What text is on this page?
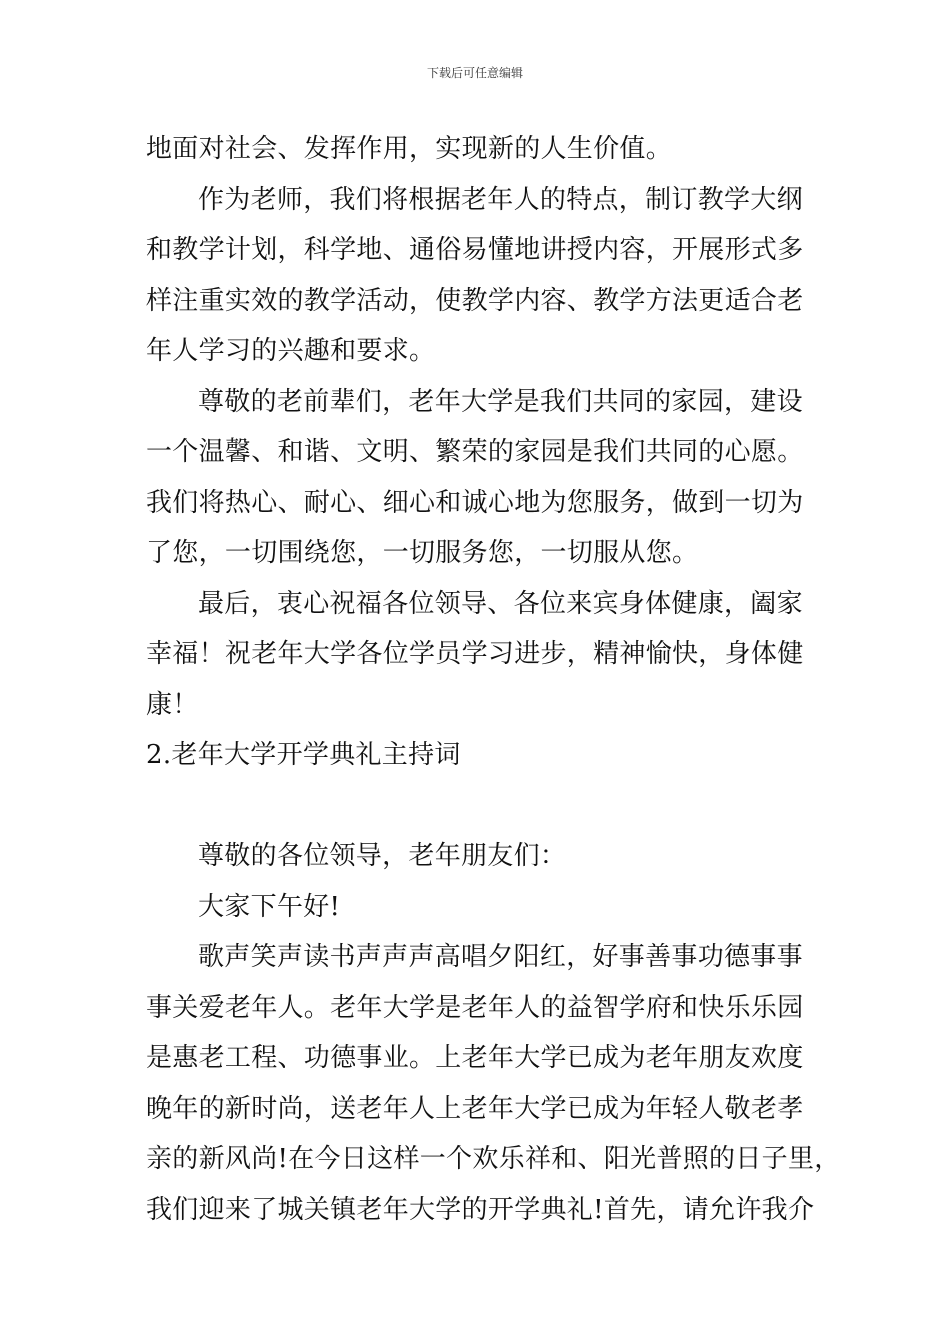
下载后可任意编辑
地面对社会、发挥作用，实现新的人生价值。
作为老师，我们将根据老年人的特点，制订教学大纲
和教学计划，科学地、通俗易懂地讲授内容，开展形式多
样注重实效的教学活动，使教学内容、教学方法更适合老
年人学习的兴趣和要求。
尊敬的老前辈们，老年大学是我们共同的家园，建设
一个温馨、和谐、文明、繁荣的家园是我们共同的心愿。
我们将热心、耐心、细心和诚心地为您服务，做到一切为
了您，一切围绕您，一切服务您，一切服从您。
最后，衷心祝福各位领导、各位来宾身体健康，阖家
幸福！祝老年大学各位学员学习进步，精神愉快，身体健
康！
2.老年大学开学典礼主持词
尊敬的各位领导，老年朋友们：
大家下午好!
歌声笑声读书声声声高唱夕阳红，好事善事功德事事
事关爱老年人。老年大学是老年人的益智学府和快乐乐园
是惠老工程、功德事业。上老年大学已成为老年朋友欢度
晚年的新时尚，送老年人上老年大学已成为年轻人敬老孝
亲的新风尚!在今日这样一个欢乐祥和、阳光普照的日子里，
我们迎来了城关镇老年大学的开学典礼!首先，请允许我介
